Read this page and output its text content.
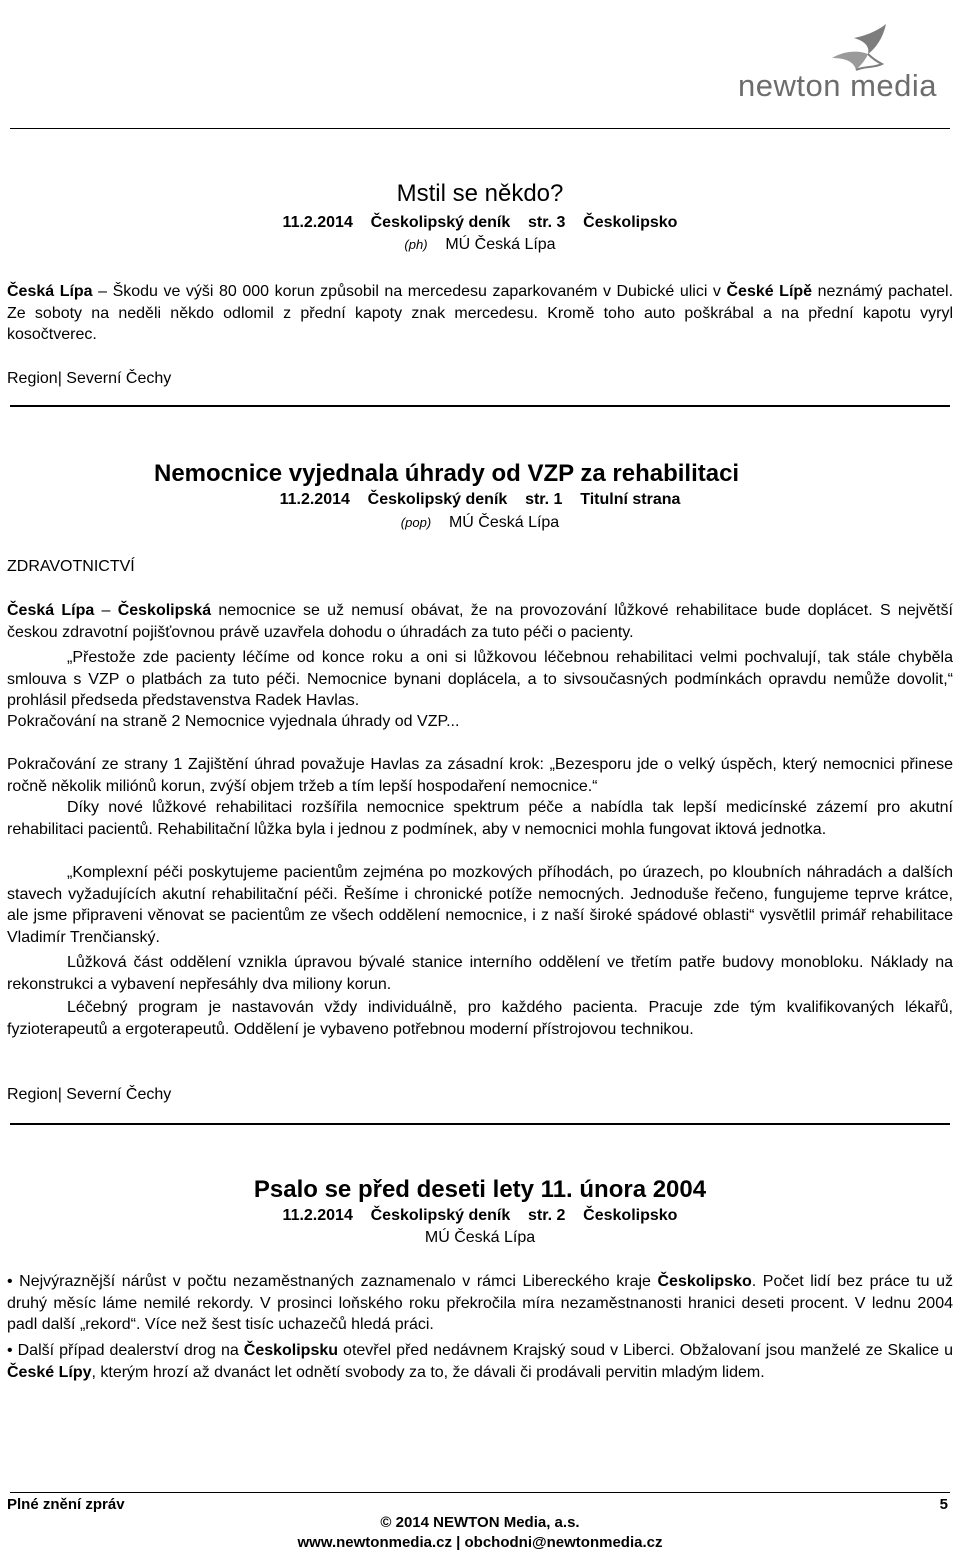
newton media
Mstil se někdo?
11.2.2014 Českolipský deník str. 3 Českolipsko
(ph) MÚ Česká Lípa
Česká Lípa – Škodu ve výši 80 000 korun způsobil na mercedesu zaparkovaném v Dubické ulici v České Lípě neznámý pachatel. Ze soboty na neděli někdo odlomil z přední kapoty znak mercedesu. Kromě toho auto poškrábal a na přední kapotu vyryl kosočtverec.
Region| Severní Čechy
Nemocnice vyjednala úhrady od VZP za rehabilitaci
11.2.2014 Českolipský deník str. 1 Titulní strana
(pop) MÚ Česká Lípa
ZDRAVOTNICTVÍ
Česká Lípa – Českolipská nemocnice se už nemusí obávat, že na provozování lůžkové rehabilitace bude doplácet. S největší českou zdravotní pojišťovnou právě uzavřela dohodu o úhradách za tuto péči o pacienty.
„Přestože zde pacienty léčíme od konce roku a oni si lůžkovou léčebnou rehabilitaci velmi pochvalují, tak stále chyběla smlouva s VZP o platbách za tuto péči. Nemocnice bynani doplácela, a to sivsoučasných podmínkách opravdu nemůže dovolit,“ prohlásil předseda představenstva Radek Havlas.
Pokračování na straně 2 Nemocnice vyjednala úhrady od VZP...
Pokračování ze strany 1 Zajištění úhrad považuje Havlas za zásadní krok: „Bezesporu jde o velký úspěch, který nemocnici přinese ročně několik miliónů korun, zvýší objem tržeb a tím lepší hospodaření nemocnice.“
Díky nové lůžkové rehabilitaci rozšířila nemocnice spektrum péče a nabídla tak lepší medicínské zázemí pro akutní rehabilitaci pacientů. Rehabilitační lůžka byla i jednou z podmínek, aby v nemocnici mohla fungovat iktová jednotka.
„Komplexní péči poskytujeme pacientům zejména po mozkových příhodách, po úrazech, po kloubních náhradách a dalších stavech vyžadujících akutní rehabilitační péči. Řešíme i chronické potíže nemocných. Jednoduše řečeno, fungujeme teprve krátce, ale jsme připraveni věnovat se pacientům ze všech oddělení nemocnice, i z naší široké spádové oblasti“ vysvětlil primář rehabilitace Vladimír Trenčianský.
Lůžková část oddělení vznikla úpravou bývalé stanice interního oddělení ve třetím patře budovy monobloku. Náklady na rekonstrukci a vybavení nepřesáhly dva miliony korun.
Léčebný program je nastavován vždy individuálně, pro každého pacienta. Pracuje zde tým kvalifikovaných lékařů, fyzioterapeutů a ergoterapeutů. Oddělení je vybaveno potřebnou moderní přístrojovou technikou.
Region| Severní Čechy
Psalo se před deseti lety 11. února 2004
11.2.2014 Českolipský deník str. 2 Českolipsko
MÚ Česká Lípa
• Nejvýraznější nárůst v počtu nezaměstnaných zaznamenalo v rámci Libereckého kraje Českolipsko. Počet lidí bez práce tu už druhý měsíc láme nemilé rekordy. V prosinci loňského roku překročila míra nezaměstnanosti hranici deseti procent. V lednu 2004 padl další „rekord“. Více než šest tisíc uchazečů hledá práci.
• Další případ dealerství drog na Českolipsku otevřel před nedávnem Krajský soud v Liberci. Obžalovaní jsou manželé ze Skalice u České Lípy, kterým hrozí až dvanáct let odnětí svobody za to, že dávali či prodávali pervitin mladým lidem.
Plné znění zpráv	5
© 2014 NEWTON Media, a.s.
www.newtonmedia.cz | obchodni@newtonmedia.cz
